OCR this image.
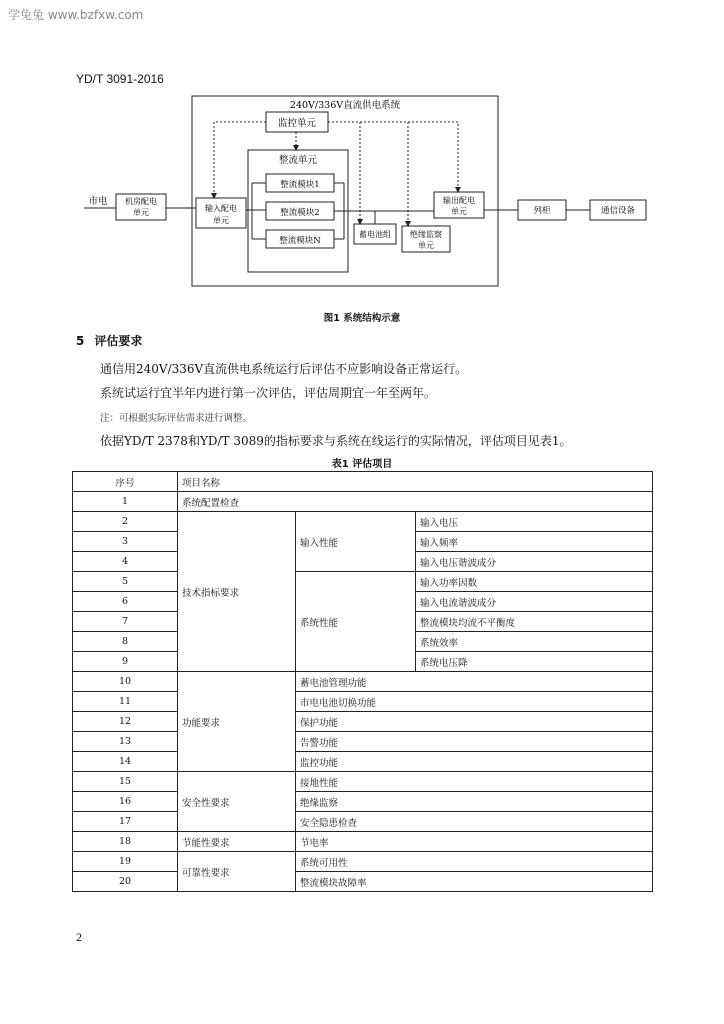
学兔兔 www.bzfxw.com
YD/T 3091-2016
240V/336V直流供电系统
监控单元
整流单元
整流模块1
整流模块2
整流模块N
市电 机房配电
单元	输入配电
单元
蓄电池组 绝缘监察
单元
输出配电
单元	列柜	通信设备
图1 系统结构示意
5 评估要求
通信用240V/336V直流供电系统运行后评估不应影响设备正常运行。
系统试运行宜半年内进行第一次评估，评估周期宜一年至两年。
注：可根据实际评估需求进行调整。
依据YD/T 2378和YD/T 3089的指标要求与系统在线运行的实际情况，评估项目见表1。
表1 评估项目
序号	项目名称		
1	系统配置检查		
2	技术指标要求	输入性能	输入电压
3			输入频率
4			输入电压谐波成分
5		系统性能	输入功率因数
6			输入电流谐波成分
7			整流模块均流不平衡度
8			系统效率
9			系统电压降
10	功能要求	蓄电池管理功能	
11		市电电池切换功能	
12		保护功能	
13		告警功能	
14		监控功能	
15	安全性要求	接地性能	
16		绝缘监察	
17		安全隐患检查	
18	节能性要求	节电率	
19	可靠性要求	系统可用性	
20		整流模块故障率	
2
